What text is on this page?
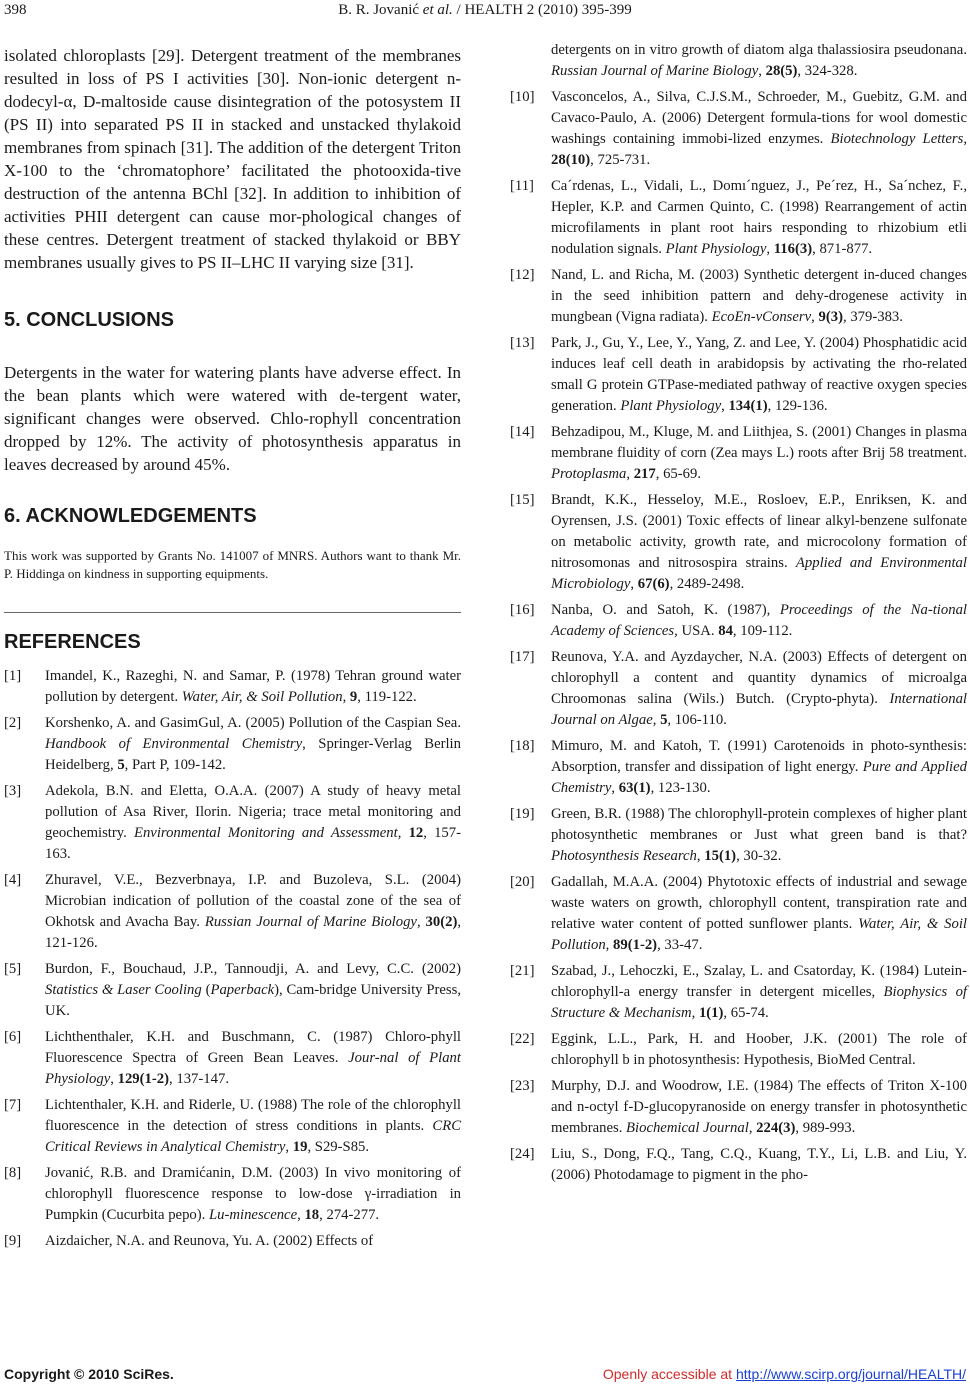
398	B. R. Jovanić et al. / HEALTH 2 (2010) 395-399

isolated chloroplasts [29]. Detergent treatment of the membranes resulted in loss of PS I activities [30]. Non-ionic detergent n-dodecyl-α, D-maltoside cause disintegration of the potosystem II (PS II) into separated PS II in stacked and unstacked thylakoid membranes from spinach [31]. The addition of the detergent Triton X-100 to the ‘chromatophore’ facilitated the photooxida-tive destruction of the antenna BChl [32]. In addition to inhibition of activities PHII detergent can cause mor-phological changes of these centres. Detergent treatment of stacked thylakoid or BBY membranes usually gives to PS II–LHC II varying size [31].

5. CONCLUSIONS

Detergents in the water for watering plants have adverse effect. In the bean plants which were watered with de-tergent water, significant changes were observed. Chlo-rophyll concentration dropped by 12%. The activity of photosynthesis apparatus in leaves decreased by around 45%.

6. ACKNOWLEDGEMENTS

This work was supported by Grants No. 141007 of MNRS. Authors want to thank Mr. P. Hiddinga on kindness in supporting equipments.

REFERENCES

[1] Imandel, K., Razeghi, N. and Samar, P. (1978) Tehran ground water pollution by detergent. Water, Air, & Soil Pollution, 9, 119-122.

[2] Korshenko, A. and GasimGul, A. (2005) Pollution of the Caspian Sea. Handbook of Environmental Chemistry, Springer-Verlag Berlin Heidelberg, 5, Part P, 109-142.

[3] Adekola, B.N. and Eletta, O.A.A. (2007) A study of heavy metal pollution of Asa River, Ilorin. Nigeria; trace metal monitoring and geochemistry. Environmental Monitoring and Assessment, 12, 157-163.

[4] Zhuravel, V.E., Bezverbnaya, I.P. and Buzoleva, S.L. (2004) Microbian indication of pollution of the coastal zone of the sea of Okhotsk and Avacha Bay. Russian Journal of Marine Biology, 30(2), 121-126.

[5] Burdon, F., Bouchaud, J.P., Tannoudji, A. and Levy, C.C. (2002) Statistics & Laser Cooling (Paperback), Cam-bridge University Press, UK.

[6] Lichthenthaler, K.H. and Buschmann, C. (1987) Chloro-phyll Fluorescence Spectra of Green Bean Leaves. Jour-nal of Plant Physiology, 129(1-2), 137-147.

[7] Lichtenthaler, K.H. and Riderle, U. (1988) The role of the chlorophyll fluorescence in the detection of stress conditions in plants. CRC Critical Reviews in Analytical Chemistry, 19, S29-S85.

[8] Jovanić, R.B. and Dramićanin, D.M. (2003) In vivo monitoring of chlorophyll fluorescence response to low-dose γ-irradiation in Pumpkin (Cucurbita pepo). Lu-minescence, 18, 274-277.

[9] Aizdaicher, N.A. and Reunova, Yu. A. (2002) Effects of

detergents on in vitro growth of diatom alga thalassiosira pseudonana. Russian Journal of Marine Biology, 28(5), 324-328.

[10] Vasconcelos, A., Silva, C.J.S.M., Schroeder, M., Guebitz, G.M. and Cavaco-Paulo, A. (2006) Detergent formula-tions for wool domestic washings containing immobi-lized enzymes. Biotechnology Letters, 28(10), 725-731.

[11] Ca´rdenas, L., Vidali, L., Domı´nguez, J., Pe´rez, H., Sa´nchez, F., Hepler, K.P. and Carmen Quinto, C. (1998) Rearrangement of actin microfilaments in plant root hairs responding to rhizobium etli nodulation signals. Plant Physiology, 116(3), 871-877.

[12] Nand, L. and Richa, M. (2003) Synthetic detergent in-duced changes in the seed inhibition pattern and dehy-drogenese activity in mungbean (Vigna radiata). EcoEn-vConserv, 9(3), 379-383.

[13] Park, J., Gu, Y., Lee, Y., Yang, Z. and Lee, Y. (2004) Phosphatidic acid induces leaf cell death in arabidopsis by activating the rho-related small G protein GTPase-mediated pathway of reactive oxygen species generation. Plant Physiology, 134(1), 129-136.

[14] Behzadipou, M., Kluge, M. and Liithjea, S. (2001) Changes in plasma membrane fluidity of corn (Zea mays L.) roots after Brij 58 treatment. Protoplasma, 217, 65-69.

[15] Brandt, K.K., Hesseloy, M.E., Rosloev, E.P., Enriksen, K. and Oyrensen, J.S. (2001) Toxic effects of linear alkyl-benzene sulfonate on metabolic activity, growth rate, and microcolony formation of nitrosomonas and nitrosospira strains. Applied and Environmental Microbiology, 67(6), 2489-2498.

[16] Nanba, O. and Satoh, K. (1987), Proceedings of the Na-tional Academy of Sciences, USA. 84, 109-112.

[17] Reunova, Y.A. and Ayzdaycher, N.A. (2003) Effects of detergent on chlorophyll a content and quantity dynamics of microalga Chroomonas salina (Wils.) Butch. (Crypto-phyta). International Journal on Algae, 5, 106-110.

[18] Mimuro, M. and Katoh, T. (1991) Carotenoids in photo-synthesis: Absorption, transfer and dissipation of light energy. Pure and Applied Chemistry, 63(1), 123-130.

[19] Green, B.R. (1988) The chlorophyll-protein complexes of higher plant photosynthetic membranes or Just what green band is that? Photosynthesis Research, 15(1), 30-32.

[20] Gadallah, M.A.A. (2004) Phytotoxic effects of industrial and sewage waste waters on growth, chlorophyll content, transpiration rate and relative water content of potted sunflower plants. Water, Air, & Soil Pollution, 89(1-2), 33-47.

[21] Szabad, J., Lehoczki, E., Szalay, L. and Csatorday, K. (1984) Lutein-chlorophyll-a energy transfer in detergent micelles, Biophysics of Structure & Mechanism, 1(1), 65-74.

[22] Eggink, L.L., Park, H. and Hoober, J.K. (2001) The role of chlorophyll b in photosynthesis: Hypothesis, BioMed Central.

[23] Murphy, D.J. and Woodrow, I.E. (1984) The effects of Triton X-100 and n-octyl f-D-glucopyranoside on energy transfer in photosynthetic membranes. Biochemical Journal, 224(3), 989-993.

[24] Liu, S., Dong, F.Q., Tang, C.Q., Kuang, T.Y., Li, L.B. and Liu, Y. (2006) Photodamage to pigment in the pho-

Copyright © 2010 SciRes.	Openly accessible at http://www.scirp.org/journal/HEALTH/
